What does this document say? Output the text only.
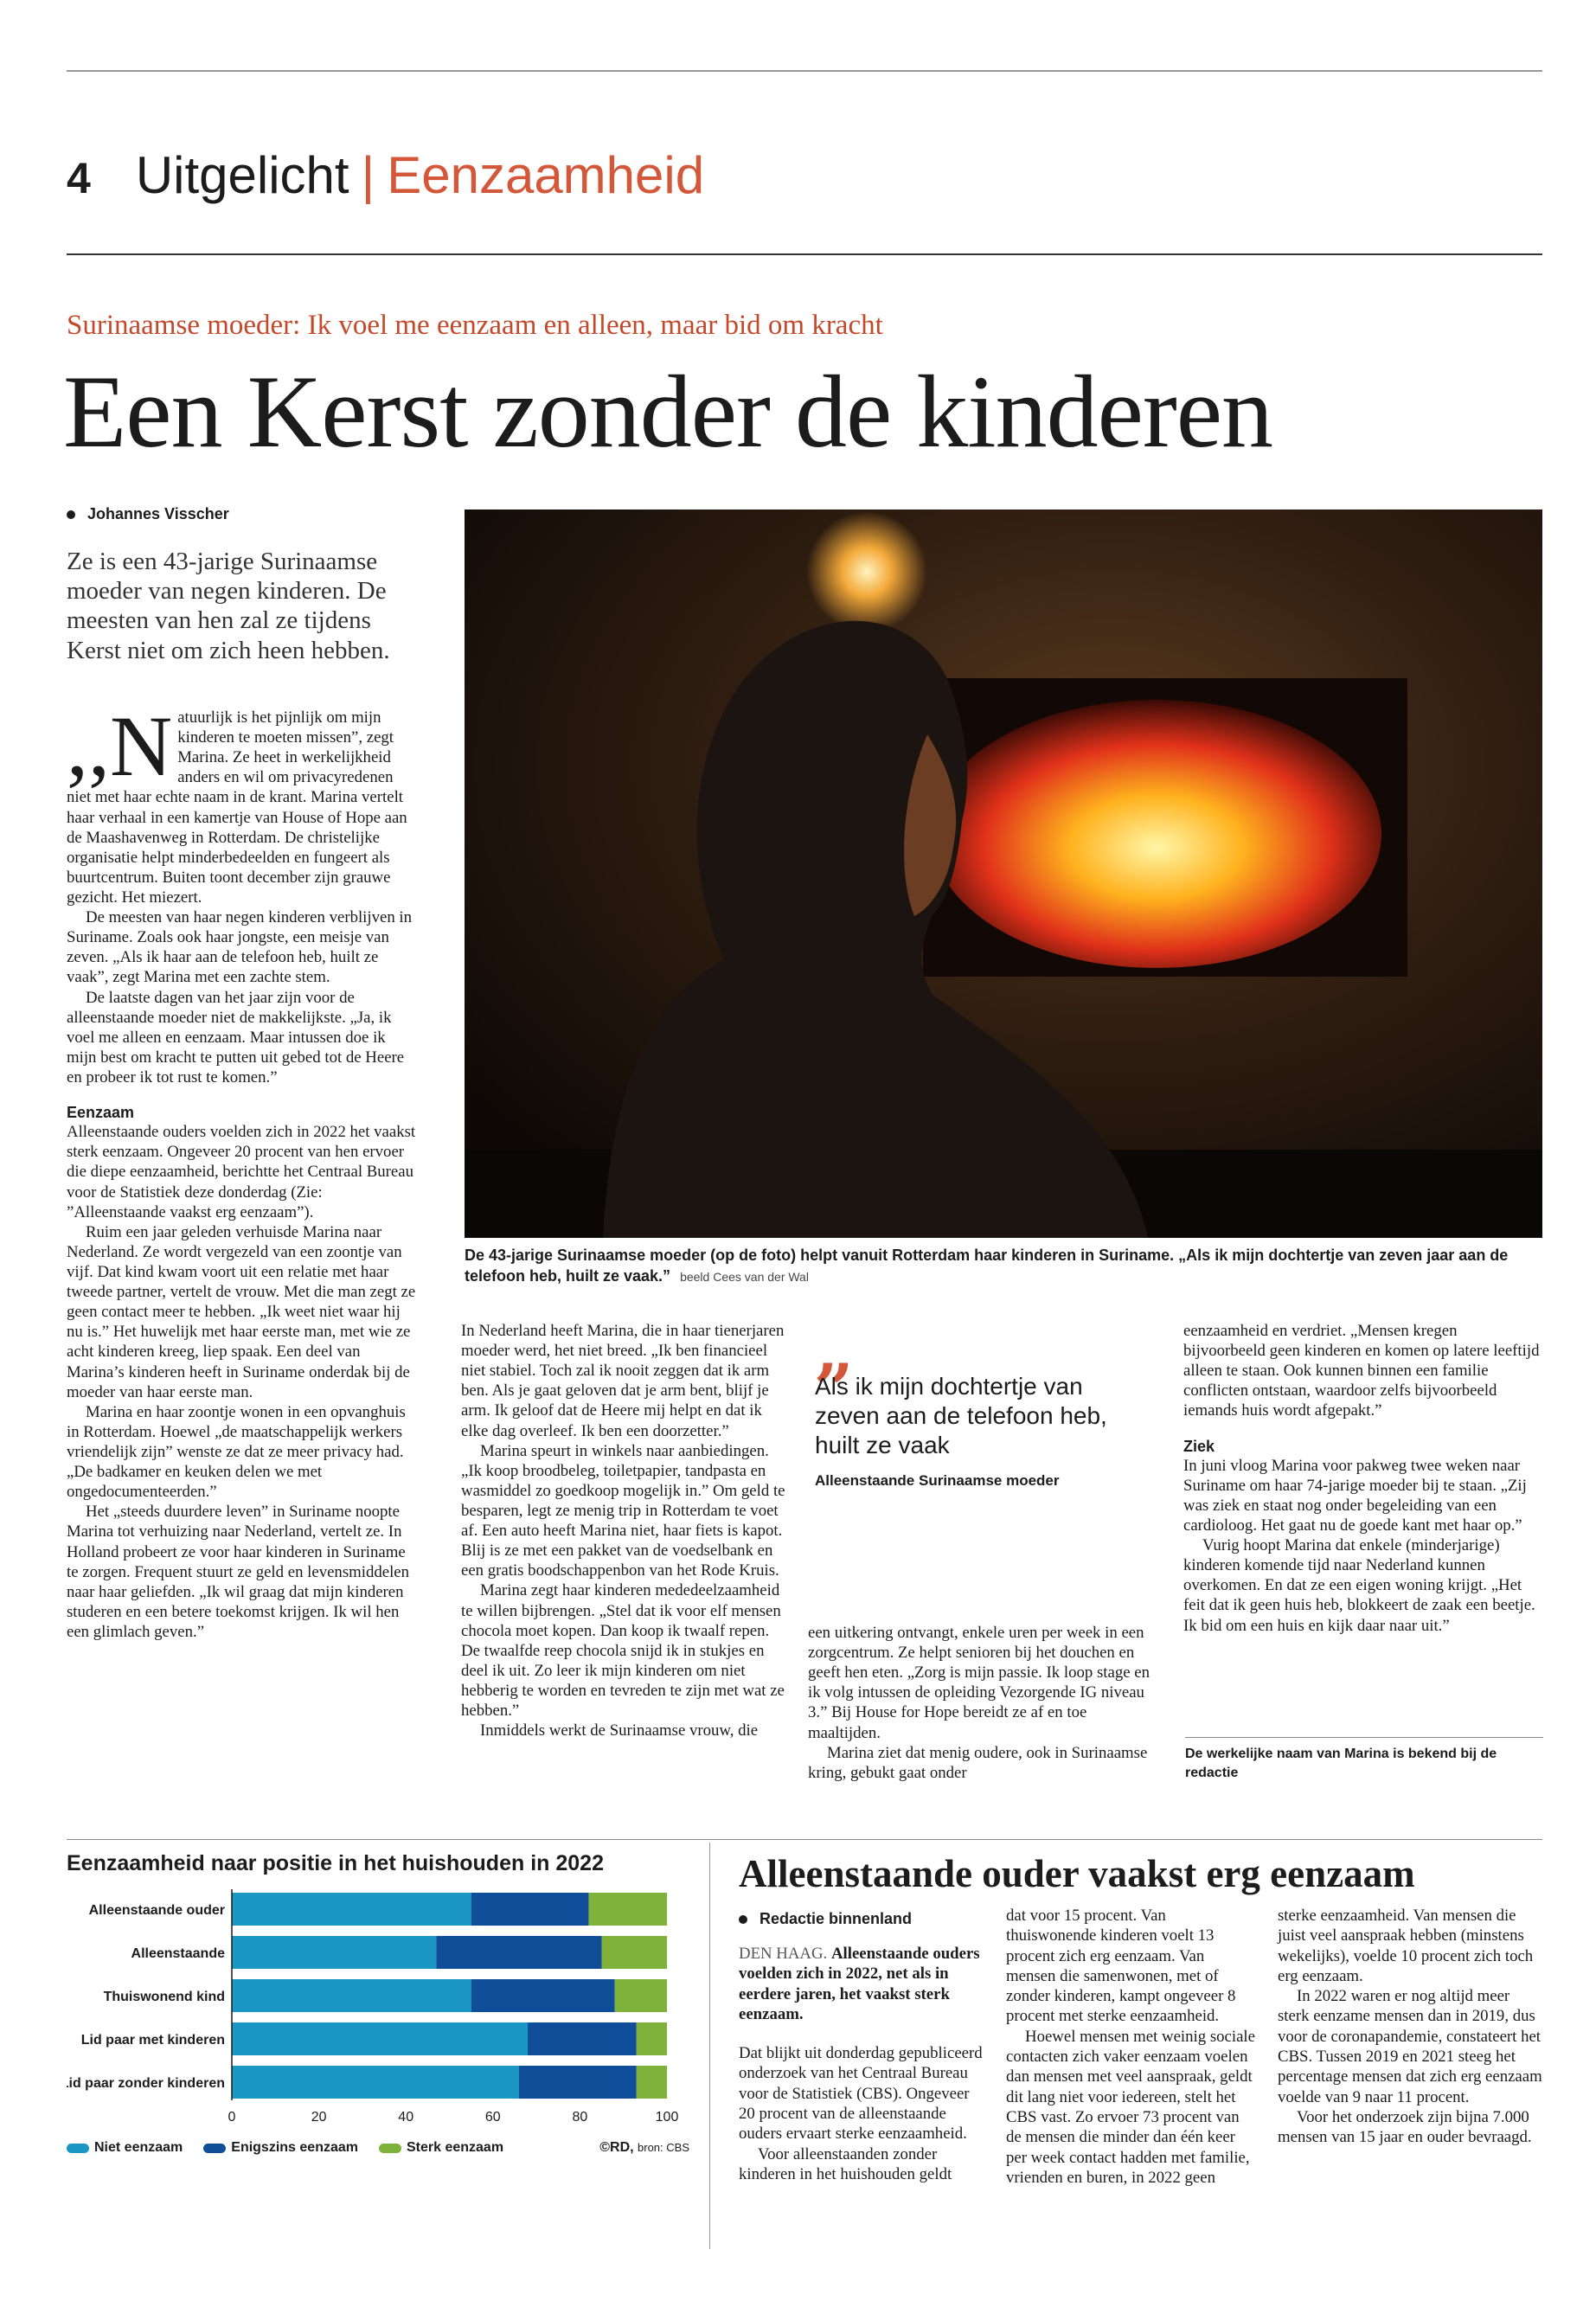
4 Uitgelicht | Eenzaamheid
Surinaamse moeder: Ik voel me eenzaam en alleen, maar bid om kracht
Een Kerst zonder de kinderen
Johannes Visscher
Ze is een 43-jarige Surinaamse moeder van negen kinderen. De meesten van hen zal ze tijdens Kerst niet om zich heen hebben.

,,N atuurlijk is het pijnlijk om mijn kinderen te moeten missen”, zegt Marina. Ze heet in werkelijkheid anders en wil om privacyredenen niet met haar echte naam in de krant. Marina vertelt haar verhaal in een kamertje van House of Hope aan de Maashavenweg in Rotterdam. De christelijke organisatie helpt minderbedeelden en fungeert als buurtcentrum. Buiten toont december zijn grauwe gezicht. Het miezert.

De meesten van haar negen kinderen verblijven in Suriname. Zoals ook haar jongste, een meisje van zeven. „Als ik haar aan de telefoon heb, huilt ze vaak”, zegt Marina met een zachte stem.

De laatste dagen van het jaar zijn voor de alleenstaande moeder niet de makkelijkste. „Ja, ik voel me alleen en eenzaam. Maar intussen doe ik mijn best om kracht te putten uit gebed tot de Heere en probeer ik tot rust te komen.”

Eenzaam

Alleenstaande ouders voelden zich in 2022 het vaakst sterk eenzaam. Ongeveer 20 procent van hen ervoer die diepe eenzaamheid, berichtte het Centraal Bureau voor de Statistiek deze donderdag (Zie: ”Alleenstaande vaakst erg eenzaam”).

Ruim een jaar geleden verhuisde Marina naar Nederland. Ze wordt vergezeld van een zoontje van vijf. Dat kind kwam voort uit een relatie met haar tweede partner, vertelt de vrouw. Met die man zegt ze geen contact meer te hebben. „Ik weet niet waar hij nu is.” Het huwelijk met haar eerste man, met wie ze acht kinderen kreeg, liep spaak. Een deel van Marina’s kinderen heeft in Suriname onderdak bij de moeder van haar eerste man.

Marina en haar zoontje wonen in een opvanghuis in Rotterdam. Hoewel „de maatschappelijk werkers vriendelijk zijn” wenste ze dat ze meer privacy had. „De badkamer en keuken delen we met ongedocumenteerden.”

Het „steeds duurdere leven” in Suriname noopte Marina tot verhuizing naar Nederland, vertelt ze. In Holland probeert ze voor haar kinderen in Suriname te zorgen. Frequent stuurt ze geld en levensmiddelen naar haar geliefden. „Ik wil graag dat mijn kinderen studeren en een betere toekomst krijgen. Ik wil hen een glimlach geven.”

De 43-jarige Surinaamse moeder (op de foto) helpt vanuit Rotterdam haar kinderen in Suriname. „Als ik mijn dochtertje van zeven jaar aan de telefoon heb, huilt ze vaak.” beeld Cees van der Wal

In Nederland heeft Marina, die in haar tienerjaren moeder werd, het niet breed. „Ik ben financieel niet stabiel. Toch zal ik nooit zeggen dat ik arm ben. Als je gaat geloven dat je arm bent, blijf je arm. Ik geloof dat de Heere mij helpt en dat ik elke dag overleef. Ik ben een doorzetter.”

Marina speurt in winkels naar aanbiedingen. „Ik koop broodbeleg, toiletpapier, tandpasta en wasmiddel zo goedkoop mogelijk in.” Om geld te besparen, legt ze menig trip in Rotterdam te voet af. Een auto heeft Marina niet, haar fiets is kapot. Blij is ze met een pakket van de voedselbank en een gratis boodschappenbon van het Rode Kruis.

Marina zegt haar kinderen mededeelzaamheid te willen bijbrengen. „Stel dat ik voor elf mensen chocola moet kopen. Dan koop ik twaalf repen. De twaalfde reep chocola snijd ik in stukjes en deel ik uit. Zo leer ik mijn kinderen om niet hebberig te worden en tevreden te zijn met wat ze hebben.”

Inmiddels werkt de Surinaamse vrouw, die

„
Als ik mijn dochtertje van zeven aan de telefoon heb, huilt ze vaak
Alleenstaande Surinaamse moeder

een uitkering ontvangt, enkele uren per week in een zorgcentrum. Ze helpt senioren bij het douchen en geeft hen eten. „Zorg is mijn passie. Ik loop stage en ik volg intussen de opleiding Vezorgende IG niveau 3.” Bij House for Hope bereidt ze af en toe maaltijden.

Marina ziet dat menig oudere, ook in Surinaamse kring, gebukt gaat onder

eenzaamheid en verdriet. „Mensen kregen bijvoorbeeld geen kinderen en komen op latere leeftijd alleen te staan. Ook kunnen binnen een familie conflicten ontstaan, waardoor zelfs bijvoorbeeld iemands huis wordt afgepakt.”

Ziek

In juni vloog Marina voor pakweg twee weken naar Suriname om haar 74-jarige moeder bij te staan. „Zij was ziek en staat nog onder begeleiding van een cardioloog. Het gaat nu de goede kant met haar op.”

Vurig hoopt Marina dat enkele (minderjarige) kinderen komende tijd naar Nederland kunnen overkomen. En dat ze een eigen woning krijgt. „Het feit dat ik geen huis heb, blokkeert de zaak een beetje. Ik bid om een huis en kijk daar naar uit.”

De werkelijke naam van Marina is bekend bij de redactie
Eenzaamheid naar positie in het huishouden in 2022
Alleenstaande ouder
Alleenstaande
Thuiswonend kind
Lid paar met kinderen
Lid paar zonder kinderen
0	20	40	60	80	100
Niet eenzaam	Enigszins eenzaam	Sterk eenzaam	©RD, bron: CBS
Alleenstaande ouder vaakst erg eenzaam
Redactie binnenland

DEN HAAG. Alleenstaande ouders voelden zich in 2022, net als in eerdere jaren, het vaakst sterk eenzaam.

Dat blijkt uit donderdag gepubliceerd onderzoek van het Centraal Bureau voor de Statistiek (CBS). Ongeveer 20 procent van de alleenstaande ouders ervaart sterke eenzaamheid.

Voor alleenstaanden zonder kinderen in het huishouden geldt

dat voor 15 procent. Van thuiswonende kinderen voelt 13 procent zich erg eenzaam. Van mensen die samenwonen, met of zonder kinderen, kampt ongeveer 8 procent met sterke eenzaamheid.

Hoewel mensen met weinig sociale contacten zich vaker eenzaam voelen dan mensen met veel aanspraak, geldt dit lang niet voor iedereen, stelt het CBS vast. Zo ervoer 73 procent van de mensen die minder dan één keer per week contact hadden met familie, vrienden en buren, in 2022 geen

sterke eenzaamheid. Van mensen die juist veel aanspraak hebben (minstens wekelijks), voelde 10 procent zich toch erg eenzaam.

In 2022 waren er nog altijd meer sterk eenzame mensen dan in 2019, dus voor de coronapandemie, constateert het CBS. Tussen 2019 en 2021 steeg het percentage mensen dat zich erg eenzaam voelde van 9 naar 11 procent.

Voor het onderzoek zijn bijna 7.000 mensen van 15 jaar en ouder bevraagd.
